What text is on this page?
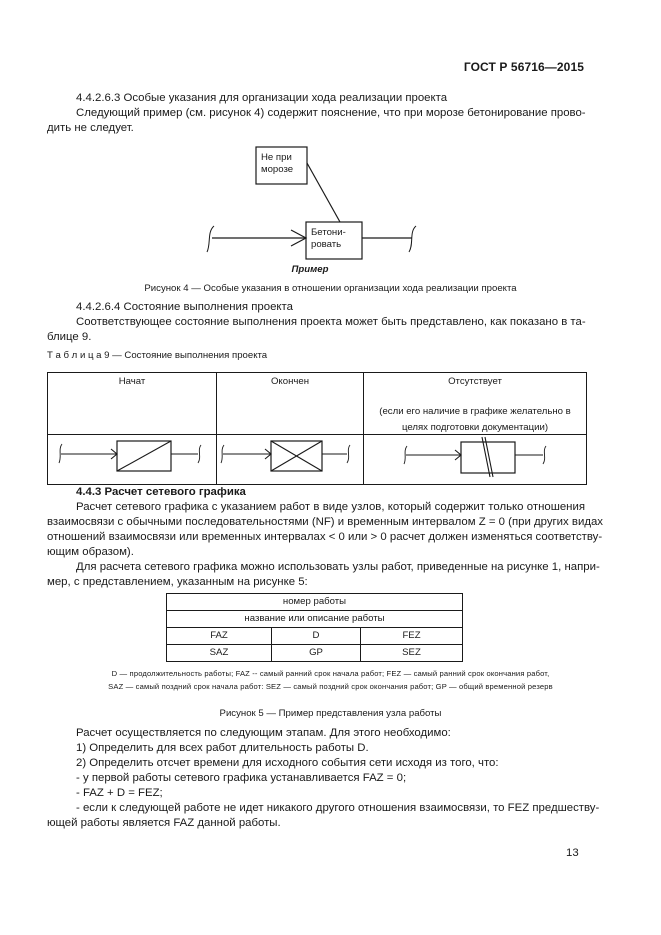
ГОСТ Р 56716—2015
4.4.2.6.3 Особые указания для организации хода реализации проекта
Следующий пример (см. рисунок 4) содержит пояснение, что при морозе бетонирование прово-
дить не следует.
Не при
морозе
Бетони-
ровать
Пример
Рисунок 4 — Особые указания в отношении организации хода реализации проекта
4.4.2.6.4 Состояние выполнения проекта
Соответствующее состояние выполнения проекта может быть представлено, как показано в та-
блице 9.
Т а б л и ц а 9 — Состояние выполнения проекта
Начат	Окончен	Отсутствует
(если его наличие в графике желательно в
целях подготовки документации)

4.4.3 Расчет сетевого графика
Расчет сетевого графика с указанием работ в виде узлов, который содержит только отношения
взаимосвязи с обычными последовательностями (NF) и временным интервалом Z = 0 (при других видах
отношений взаимосвязи или временных интервалах < 0 или > 0 расчет должен изменяться соответству-
ющим образом).
Для расчета сетевого графика можно использовать узлы работ, приведенные на рисунке 1, напри-
мер, с представлением, указанным на рисунке 5:
номер работы		
название или описание работы		
FAZ	D	FEZ
SAZ	GP	SEZ
D — продолжительность работы; FAZ -- самый ранний срок начала работ; FEZ — самый ранний срок окончания работ,
SAZ — самый поздний срок начала работ: SEZ — самый поздний срок окончания работ; GP — общий временной резерв
Рисунок 5 — Пример представления узла работы
Расчет осуществляется по следующим этапам. Для этого необходимо:
1) Определить для всех работ длительность работы D.
2) Определить отсчет времени для исходного события сети исходя из того, что:
- у первой работы сетевого графика устанавливается FAZ = 0;
- FAZ + D = FEZ;
- если к следующей работе не идет никакого другого отношения взаимосвязи, то FEZ предшеству-
ющей работы является FAZ данной работы.
13
